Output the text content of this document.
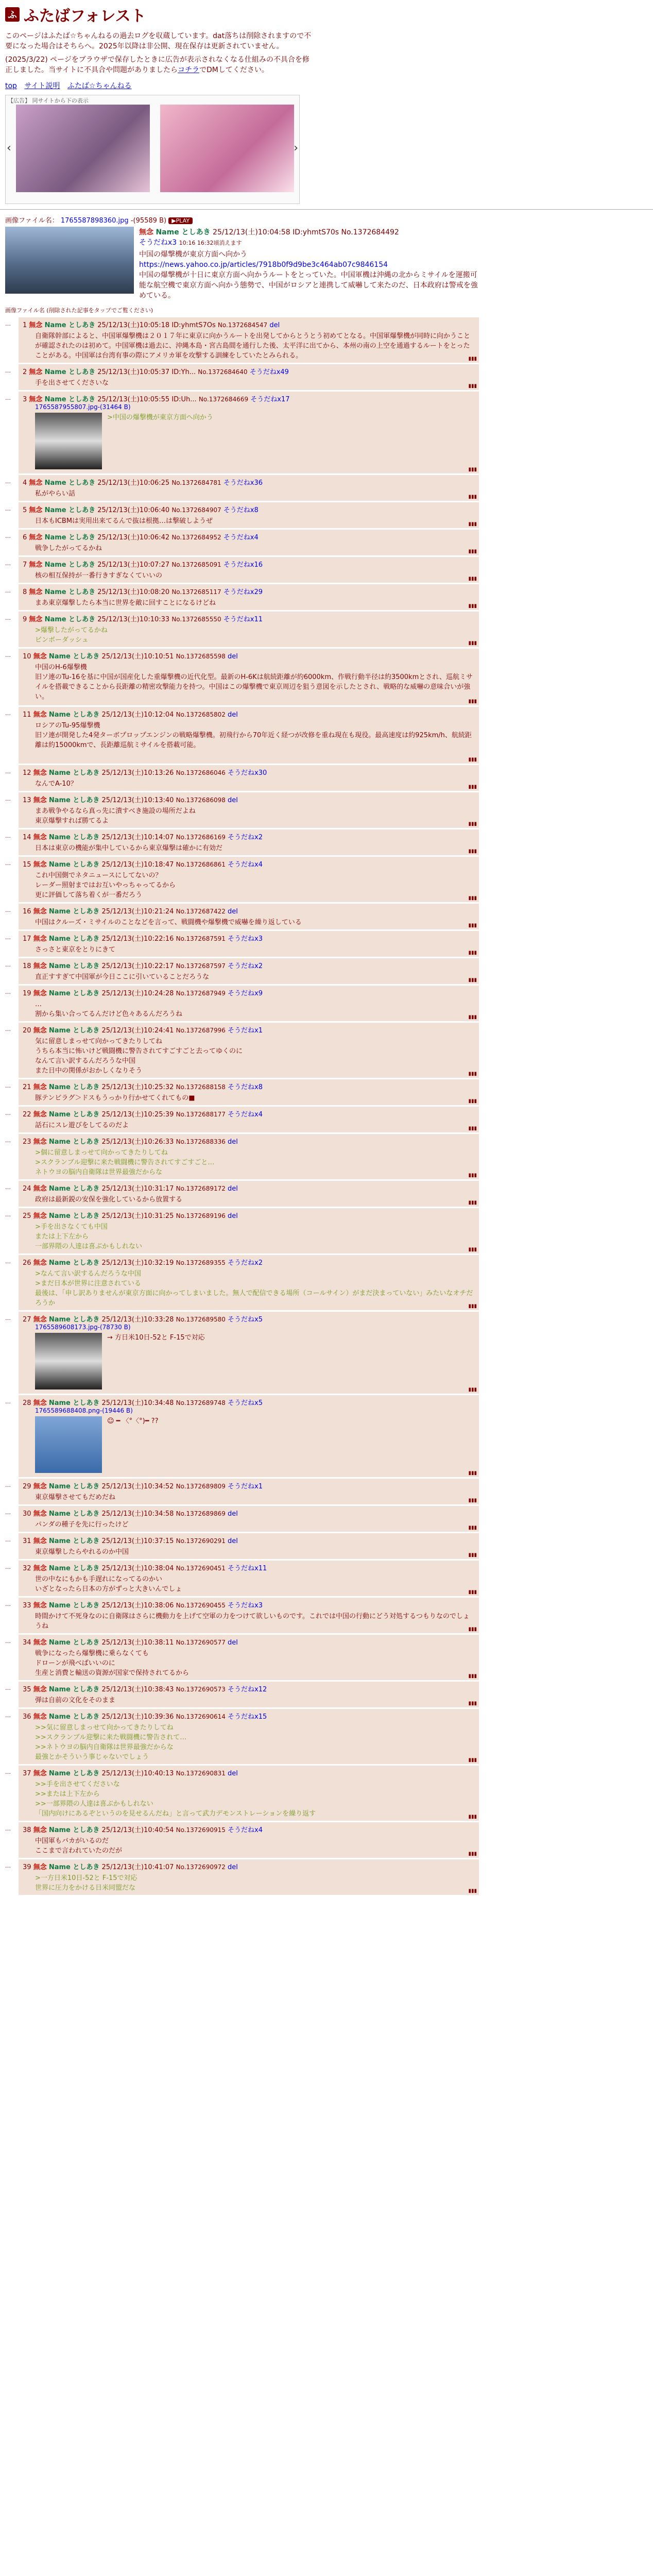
ふ ふたばフォレスト
このページはふたば☆ちゃんねるの過去ログを収蔵しています。dat落ちは削除されますので不要になった場合はそちらへ。2025年以降は非公開、現在保存は更新されていません。
(2025/3/22) ページをブラウザで保存したときに広告が表示されなくなる仕組みの不具合を修正しました。当サイトに不具合や問題がありましたらコチラでDMしてください。
top サイト説明 ふたば☆ちゃんねる
【広告】 同サイトから下の表示
‹	›
画像ファイル名： 1765587898360.jpg -(95589 B) ▶PLAY
無念 Name としあき 25/12/13(土)10:04:58 ID:yhmtS70s No.1372684492
そうだねx3 10:16 16:32頃消えます
中国の爆撃機が東京方面へ向かう
https://news.yahoo.co.jp/articles/7918b0f9d9be3c464ab07c9846154
中国の爆撃機が十日に東京方面へ向かうルートをとっていた。中国軍機は沖縄の北からミサイルを運搬可能な航空機で東京方面へ向かう態勢で、中国がロシアと連携して威嚇して来たのだ、日本政府は警戒を強めている。
画像ファイル名 (削除された記事をタップでご覧ください)
…	1 無念 Name としあき 25/12/13(土)10:05:18 ID:yhmtS7Os No.1372684547 del
自衛隊幹部によると、中国軍爆撃機は２０１７年に東京に向かうルートを出発してからとうとう初めてとなる。中国軍爆撃機が同時に向かうことが確認されたのは初めて。中国軍機は過去に、沖縄本島・宮古島間を通行した後、太平洋に出てから、本州の南の上空を通過するルートをとったことがある。中国軍は台湾有事の際にアメリカ軍を攻撃する訓練をしていたとみられる。	▮▮▮
…	2 無念 Name としあき 25/12/13(土)10:05:37 ID:Yh... No.1372684640 そうだねx49
手を出させてくださいな	▮▮▮
…	3 無念 Name としあき 25/12/13(土)10:05:55 ID:Uh... No.1372684669 そうだねx17
1765587955807.jpg-(31464 B)
>中国の爆撃機が東京方面へ向かう
▮▮▮
…	4 無念 Name としあき 25/12/13(土)10:06:25 No.1372684781 そうだねx36
私がやらい話	▮▮▮
…	5 無念 Name としあき 25/12/13(土)10:06:40 No.1372684907 そうだねx8
日本もICBMは実用出来てるんで抜は根拠…は撃破しようぜ	▮▮▮
…	6 無念 Name としあき 25/12/13(土)10:06:42 No.1372684952 そうだねx4
戦争したがってるかね	▮▮▮
…	7 無念 Name としあき 25/12/13(土)10:07:27 No.1372685091 そうだねx16
核の相互保持が一番行きすぎなくていいの	▮▮▮
…	8 無念 Name としあき 25/12/13(土)10:08:20 No.1372685117 そうだねx29
まあ東京爆撃したら本当に世界を敵に回すことになるけどね	▮▮▮
…	9 無念 Name としあき 25/12/13(土)10:10:33 No.1372685550 そうだねx11
>爆撃したがってるかね
ビンボーダッシュ	▮▮▮
…	10 無念 Name としあき 25/12/13(土)10:10:51 No.1372685598 del
中国のH-6爆撃機
旧ソ連のTu-16を基に中国が国産化した重爆撃機の近代化型。最新のH-6Kは航続距離が約6000km、作戦行動半径は約3500kmとされ、巡航ミサイルを搭載できることから長距離の精密攻撃能力を持つ。中国はこの爆撃機で東京周辺を狙う意図を示したとされ、戦略的な威嚇の意味合いが強い。
▮▮▮
…	11 無念 Name としあき 25/12/13(土)10:12:04 No.1372685802 del
ロシアのTu-95爆撃機
旧ソ連が開発した4発ターボプロップエンジンの戦略爆撃機。初飛行から70年近く経つが改修を重ね現在も現役。最高速度は約925km/h、航続距離は約15000kmで、長距離巡航ミサイルを搭載可能。
▮▮▮
…	12 無念 Name としあき 25/12/13(土)10:13:26 No.1372686046 そうだねx30
なんでA-10？	▮▮▮
…	13 無念 Name としあき 25/12/13(土)10:13:40 No.1372686098 del
まあ戦争やるなら真っ先に潰すべき施設の場所だよね
東京爆撃すれば勝てるよ	▮▮▮
…	14 無念 Name としあき 25/12/13(土)10:14:07 No.1372686169 そうだねx2
日本は東京の機能が集中しているから東京爆撃は確かに有効だ	▮▮▮
…	15 無念 Name としあき 25/12/13(土)10:18:47 No.1372686861 そうだねx4
これ中国側でネタニュースにしてないの？
レーダー照射まではお互いやっちゃってるから
更に評価して落ち着くが一番だろう	▮▮▮
…	16 無念 Name としあき 25/12/13(土)10:21:24 No.1372687422 del
中国はクルーズ・ミサイルのことなどを言って、戦闘機や爆撃機で威嚇を繰り返している	▮▮▮
…	17 無念 Name としあき 25/12/13(土)10:22:16 No.1372687591 そうだねx3
さっさと東京をとりにきて	▮▮▮
…	18 無念 Name としあき 25/12/13(土)10:22:17 No.1372687597 そうだねx2
直正すすぎて中国軍が今日ここに引いていることだろうな	▮▮▮
…	19 無念 Name としあき 25/12/13(土)10:24:28 No.1372687949 そうだねx9
…
割から集い合ってるんだけど色々あるんだろうね	▮▮▮
…	20 無念 Name としあき 25/12/13(土)10:24:41 No.1372687996 そうだねx1
気に留意しまっせて向かってきたりしてね
うちら本当に怖いけど戦闘機に警告されてすごすごと去ってゆくのに
なんて言い訳するんだろうな中国
また日中の関係がおかしくなりそう	▮▮▮
…	21 無念 Name としあき 25/12/13(土)10:25:32 No.1372688158 そうだねx8
豚テンビラグ＞ドスもうっかり行かせてくれてもの■	▮▮▮
…	22 無念 Name としあき 25/12/13(土)10:25:39 No.1372688177 そうだねx4
話石にスレ遊びをしてるのだよ	▮▮▮
…	23 無念 Name としあき 25/12/13(土)10:26:33 No.1372688336 del
>個に留意しまっせて向かってきたりしてね
>スクランブル迎撃に来た戦闘機に警告されてすごすごと…
ネトウヨの脳内自衛隊は世界最強だからな	▮▮▮
…	24 無念 Name としあき 25/12/13(土)10:31:17 No.1372689172 del
政府は最新鋭の安保を強化しているから放置する	▮▮▮
…	25 無念 Name としあき 25/12/13(土)10:31:25 No.1372689196 del
>手を出さなくても中国
または上下左から
一部界隈の人達は喜ぶかもしれない	▮▮▮
…	26 無念 Name としあき 25/12/13(土)10:32:19 No.1372689355 そうだねx2
>なんて言い訳するんだろうな中国
>まだ日本が世界に注意されている
最後は、「申し訳ありませんが東京方面に向かってしまいました。無人で配信できる場所（コールサイン）がまだ決まっていない」みたいなオチだろうか	▮▮▮
…	27 無念 Name としあき 25/12/13(土)10:33:28 No.1372689580 そうだねx5
1765589608173.jpg-(78730 B)
→ 方日米10日-52と F-15で対応
▮▮▮
…	28 無念 Name としあき 25/12/13(土)10:34:48 No.1372689748 そうだねx5
1765589688408.png-(19446 B)
☺ ━ 〈°〈°)━ ??
▮▮▮
…	29 無念 Name としあき 25/12/13(土)10:34:52 No.1372689809 そうだねx1
東京爆撃させてもだめだね	▮▮▮
…	30 無念 Name としあき 25/12/13(土)10:34:58 No.1372689869 del
パンダの種子を先に行ったけど	▮▮▮
…	31 無念 Name としあき 25/12/13(土)10:37:15 No.1372690291 del
東京爆撃したらやれるのか中国	▮▮▮
…	32 無念 Name としあき 25/12/13(土)10:38:04 No.1372690451 そうだねx11
世の中なにもかも手遅れになってるのかい
いざとなったら日本の方がずっと大きいんでしょ	▮▮▮
…	33 無念 Name としあき 25/12/13(土)10:38:06 No.1372690455 そうだねx3
時間かけて不死身なのに自衛隊はさらに機動力を上げて空軍の力をつけて欲しいものです。これでは中国の行動にどう対処するつもりなのでしょうね	▮▮▮
…	34 無念 Name としあき 25/12/13(土)10:38:11 No.1372690577 del
戦争になったら爆撃機に乗らなくても
ドローンが飛べばいいのに
生産と消費と輸送の資源が国家で保持されてるから	▮▮▮
…	35 無念 Name としあき 25/12/13(土)10:38:43 No.1372690573 そうだねx12
弾は自前の文化をそのまま	▮▮▮
…	36 無念 Name としあき 25/12/13(土)10:39:36 No.1372690614 そうだねx15
>>気に留意しまっせて向かってきたりしてね
>>スクランブル迎撃に来た戦闘機に警告されて…
>>ネトウヨの脳内自衛隊は世界最強だからな
最強とかそういう事じゃないでしょう	▮▮▮
…	37 無念 Name としあき 25/12/13(土)10:40:13 No.1372690831 del
>>手を出させてくださいな
>>または上下左から
>>一部界隈の人達は喜ぶかもしれない
「国内向けにあるぞというのを見せるんだね」と言って武力デモンストレーションを繰り返す	▮▮▮
…	38 無念 Name としあき 25/12/13(土)10:40:54 No.1372690915 そうだねx4
中国軍もバカがいるのだ
ここまで言われていたのだが	▮▮▮
…	39 無念 Name としあき 25/12/13(土)10:41:07 No.1372690972 del
>一方日米10日-52と F-15で対応
世界に圧力をかける日米同盟だな	▮▮▮
